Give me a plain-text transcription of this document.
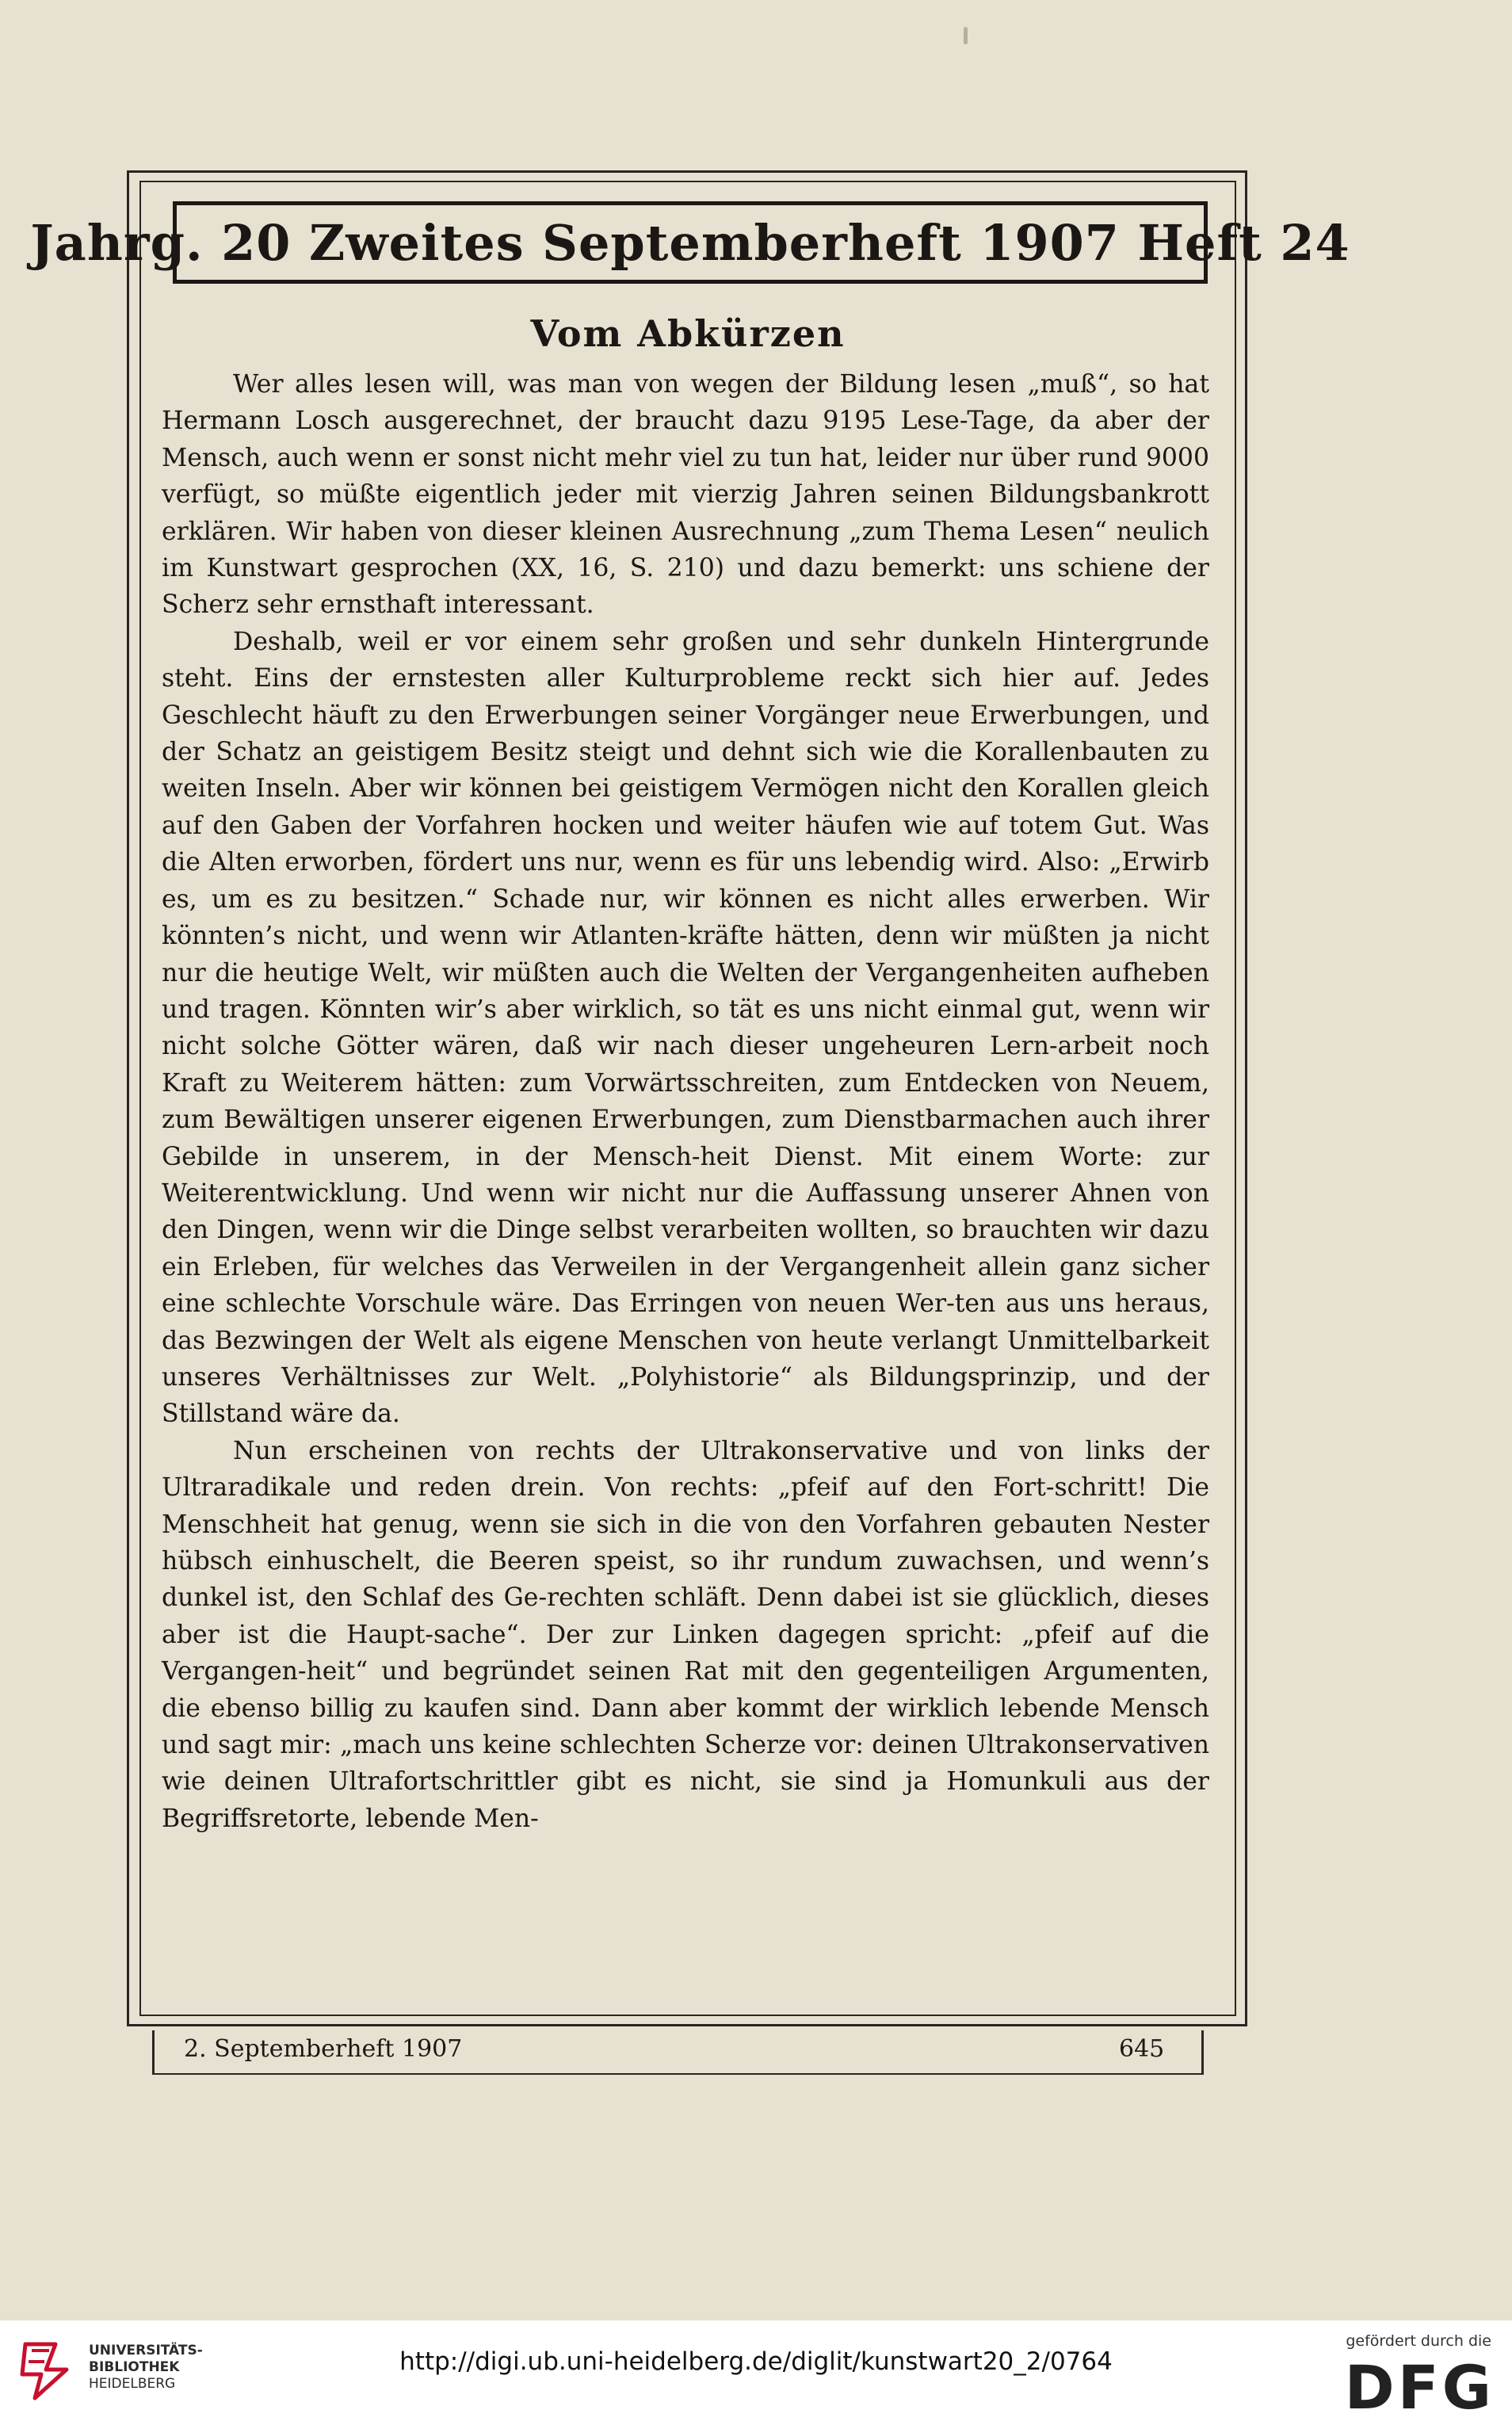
Jahrg. 20 Zweites Septemberheft 1907 Heft 24
Vom Abkürzen

Wer alles lesen will, was man von wegen der Bildung lesen „muß“, so hat Hermann Losch ausgerechnet, der braucht dazu 9195 Lese-Tage, da aber der Mensch, auch wenn er sonst nicht mehr viel zu tun hat, leider nur über rund 9000 verfügt, so müßte eigentlich jeder mit vierzig Jahren seinen Bildungsbankrott erklären. Wir haben von dieser kleinen Ausrechnung „zum Thema Lesen“ neulich im Kunstwart gesprochen (XX, 16, S. 210) und dazu bemerkt: uns schiene der Scherz sehr ernsthaft interessant.

Deshalb, weil er vor einem sehr großen und sehr dunkeln Hintergrunde steht. Eins der ernstesten aller Kulturprobleme reckt sich hier auf. Jedes Geschlecht häuft zu den Erwerbungen seiner Vorgänger neue Erwerbungen, und der Schatz an geistigem Besitz steigt und dehnt sich wie die Korallenbauten zu weiten Inseln. Aber wir können bei geistigem Vermögen nicht den Korallen gleich auf den Gaben der Vorfahren hocken und weiter häufen wie auf totem Gut. Was die Alten erworben, fördert uns nur, wenn es für uns lebendig wird. Also: „Erwirb es, um es zu besitzen.“ Schade nur, wir können es nicht alles erwerben. Wir könnten’s nicht, und wenn wir Atlanten-kräfte hätten, denn wir müßten ja nicht nur die heutige Welt, wir müßten auch die Welten der Vergangenheiten aufheben und tragen. Könnten wir’s aber wirklich, so tät es uns nicht einmal gut, wenn wir nicht solche Götter wären, daß wir nach dieser ungeheuren Lern-arbeit noch Kraft zu Weiterem hätten: zum Vorwärtsschreiten, zum Entdecken von Neuem, zum Bewältigen unserer eigenen Erwerbungen, zum Dienstbarmachen auch ihrer Gebilde in unserem, in der Mensch-heit Dienst. Mit einem Worte: zur Weiterentwicklung. Und wenn wir nicht nur die Auffassung unserer Ahnen von den Dingen, wenn wir die Dinge selbst verarbeiten wollten, so brauchten wir dazu ein Erleben, für welches das Verweilen in der Vergangenheit allein ganz sicher eine schlechte Vorschule wäre. Das Erringen von neuen Wer-ten aus uns heraus, das Bezwingen der Welt als eigene Menschen von heute verlangt Unmittelbarkeit unseres Verhältnisses zur Welt. „Polyhistorie“ als Bildungsprinzip, und der Stillstand wäre da.

Nun erscheinen von rechts der Ultrakonservative und von links der Ultraradikale und reden drein. Von rechts: „pfeif auf den Fort-schritt! Die Menschheit hat genug, wenn sie sich in die von den Vorfahren gebauten Nester hübsch einhuschelt, die Beeren speist, so ihr rundum zuwachsen, und wenn’s dunkel ist, den Schlaf des Ge-rechten schläft. Denn dabei ist sie glücklich, dieses aber ist die Haupt-sache“. Der zur Linken dagegen spricht: „pfeif auf die Vergangen-heit“ und begründet seinen Rat mit den gegenteiligen Argumenten, die ebenso billig zu kaufen sind. Dann aber kommt der wirklich lebende Mensch und sagt mir: „mach uns keine schlechten Scherze vor: deinen Ultrakonservativen wie deinen Ultrafortschrittler gibt es nicht, sie sind ja Homunkuli aus der Begriffsretorte, lebende Men-

2. Septemberheft 1907	645
UNIVERSITÄTS-
BIBLIOTHEK
HEIDELBERG
http://digi.ub.uni-heidelberg.de/diglit/kunstwart20_2/0764
gefördert durch die
DFG
